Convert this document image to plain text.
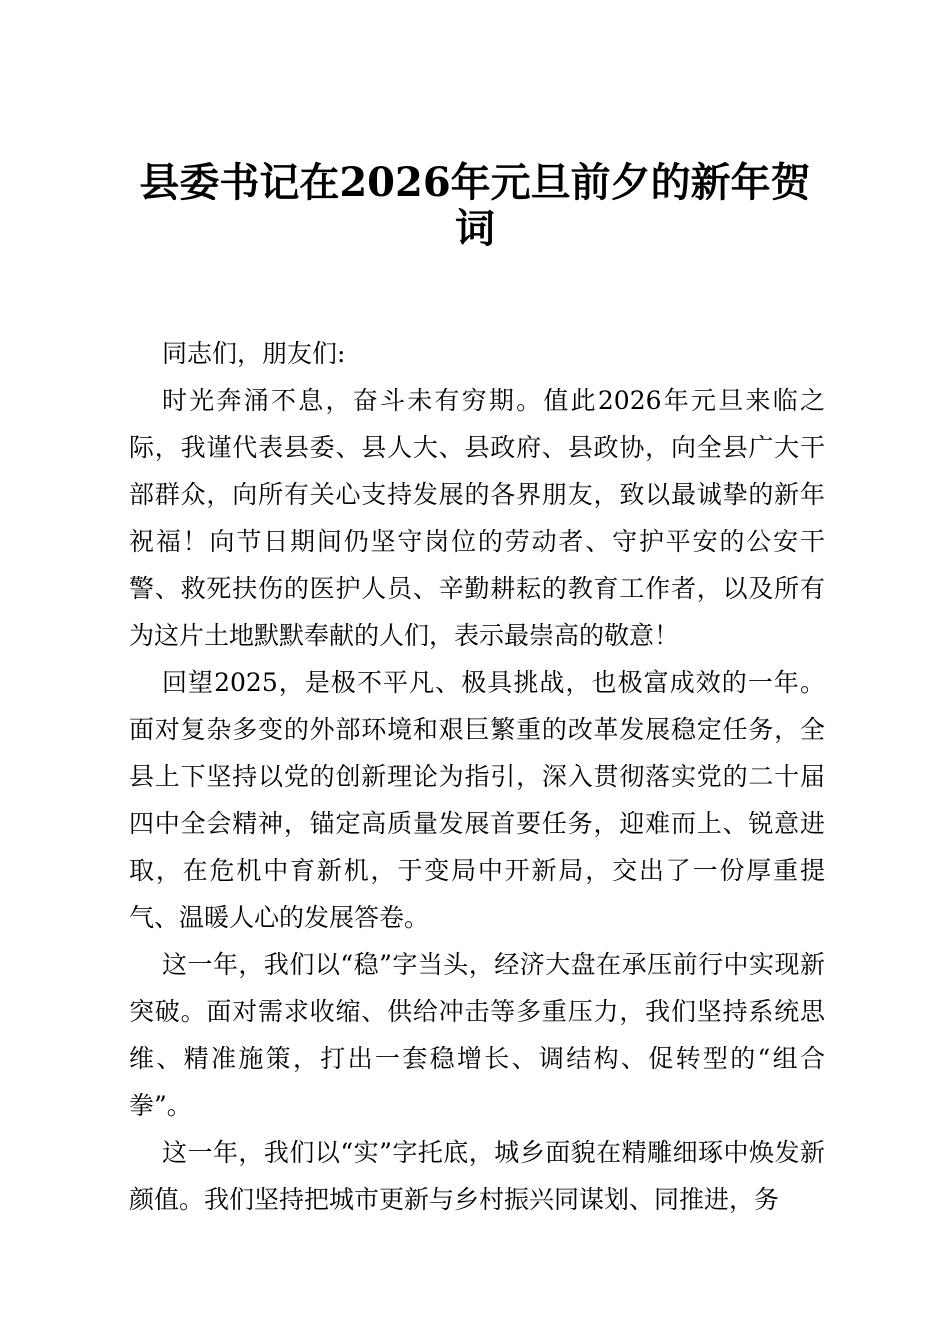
县委书记在2026年元旦前夕的新年贺词

同志们，朋友们:

时光奔涌不息，奋斗未有穷期。值此2026年元旦来临之际，我谨代表县委、县人大、县政府、县政协，向全县广大干部群众，向所有关心支持发展的各界朋友，致以最诚挚的新年祝福！向节日期间仍坚守岗位的劳动者、守护平安的公安干警、救死扶伤的医护人员、辛勤耕耘的教育工作者，以及所有为这片土地默默奉献的人们，表示最崇高的敬意！

回望2025，是极不平凡、极具挑战，也极富成效的一年。面对复杂多变的外部环境和艰巨繁重的改革发展稳定任务，全县上下坚持以党的创新理论为指引，深入贯彻落实党的二十届四中全会精神，锚定高质量发展首要任务，迎难而上、锐意进取，在危机中育新机，于变局中开新局，交出了一份厚重提气、温暖人心的发展答卷。

这一年，我们以“稳”字当头，经济大盘在承压前行中实现新突破。面对需求收缩、供给冲击等多重压力，我们坚持系统思维、精准施策，打出一套稳增长、调结构、促转型的“组合拳”。

这一年，我们以“实”字托底，城乡面貌在精雕细琢中焕发新颜值。我们坚持把城市更新与乡村振兴同谋划、同推进，务
